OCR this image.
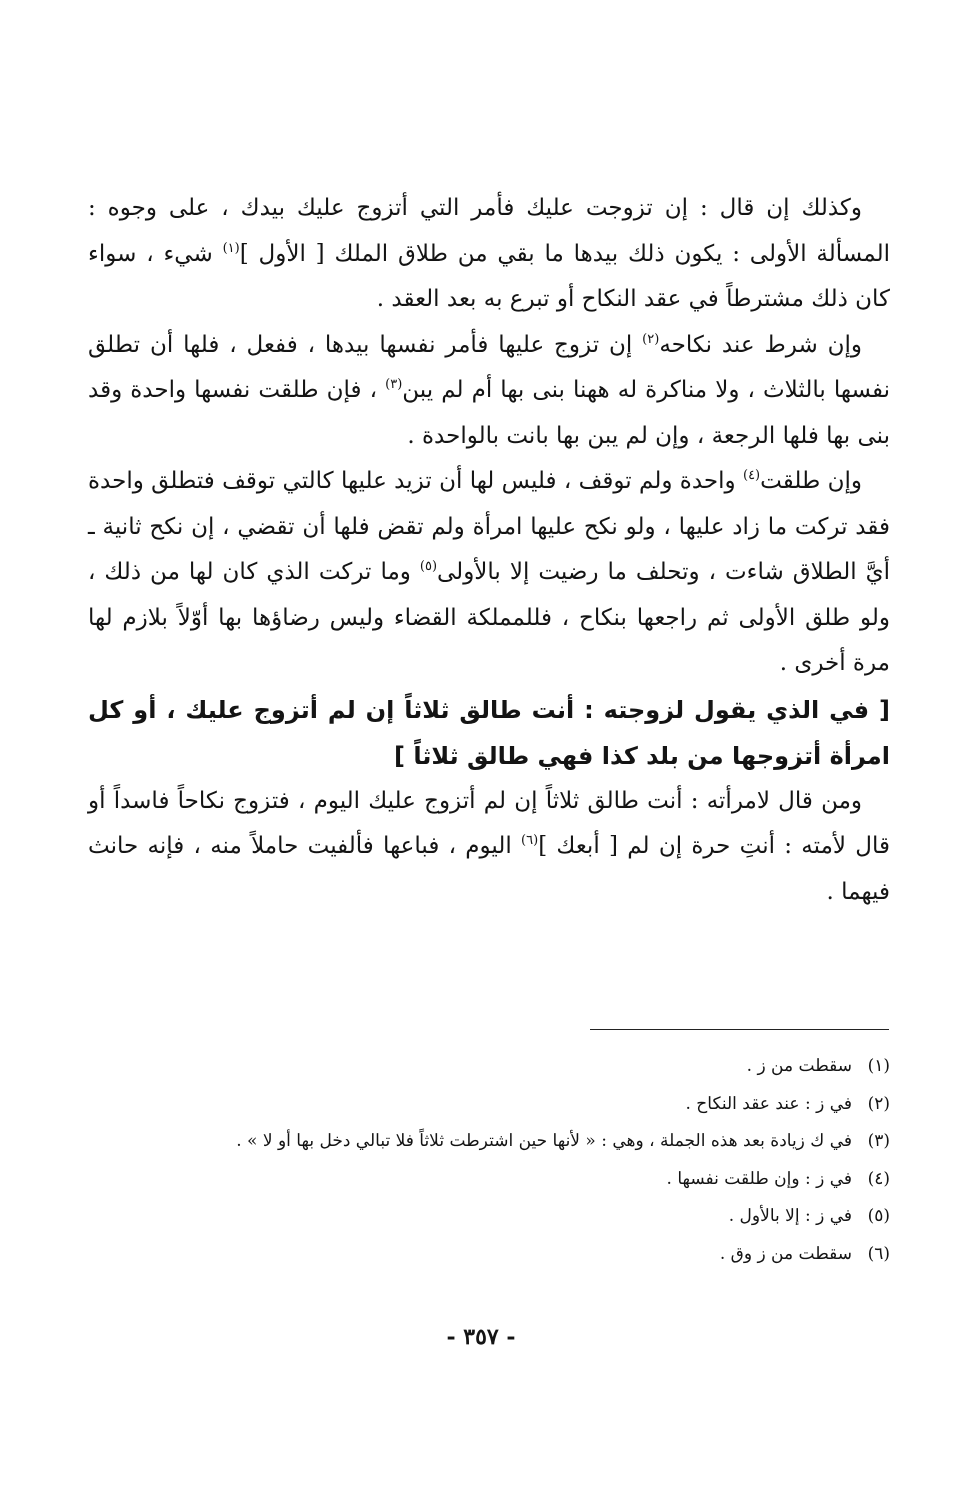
وكذلك إن قال : إن تزوجت عليك فأمر التي أتزوج عليك بيدك ، على وجوه : المسألة الأولى : يكون ذلك بيدها ما بقي من طلاق الملك [ الأول ]$^{(١)}$ شيء ، سواء كان ذلك مشترطاً في عقد النكاح أو تبرع به بعد العقد .

وإن شرط عند نكاحه$^{(٢)}$ إن تزوج عليها فأمر نفسها بيدها ، ففعل ، فلها أن تطلق نفسها بالثلاث ، ولا مناكرة له ههنا بنى بها أم لم يبن$^{(٣)}$ ، فإن طلقت نفسها واحدة وقد بنى بها فلها الرجعة ، وإن لم يبن بها بانت بالواحدة .

وإن طلقت$^{(٤)}$ واحدة ولم توقف ، فليس لها أن تزيد عليها كالتي توقف فتطلق واحدة فقد تركت ما زاد عليها ، ولو نكح عليها امرأة ولم تقض فلها أن تقضي ، إن نكح ثانية ـ أيَّ الطلاق شاءت ، وتحلف ما رضيت إلا بالأولى$^{(٥)}$ وما تركت الذي كان لها من ذلك ، ولو طلق الأولى ثم راجعها بنكاح ، فللمملكة القضاء وليس رضاؤها بها أوّلاً بلازم لها مرة أخرى .

[ في الذي يقول لزوجته : أنت طالق ثلاثاً إن لم أتزوج عليك ، أو كل امرأة أتزوجها من بلد كذا فهي طالق ثلاثاً ]

ومن قال لامرأته : أنت طالق ثلاثاً إن لم أتزوج عليك اليوم ، فتزوج نكاحاً فاسداً أو قال لأمته : أنتِ حرة إن لم [ أبعك ]$^{(٦)}$ اليوم ، فباعها فألفيت حاملاً منه ، فإنه حانث فيهما .

(١)سقطت من ز .
(٢)في ز : عند عقد النكاح .
(٣)في ك زيادة بعد هذه الجملة ، وهي : « لأنها حين اشترطت ثلاثاً فلا تبالي دخل بها أو لا » .
(٤)في ز : وإن طلقت نفسها .
(٥)في ز : إلا بالأول .
(٦)سقطت من ز وق .
- ٣٥٧ -
